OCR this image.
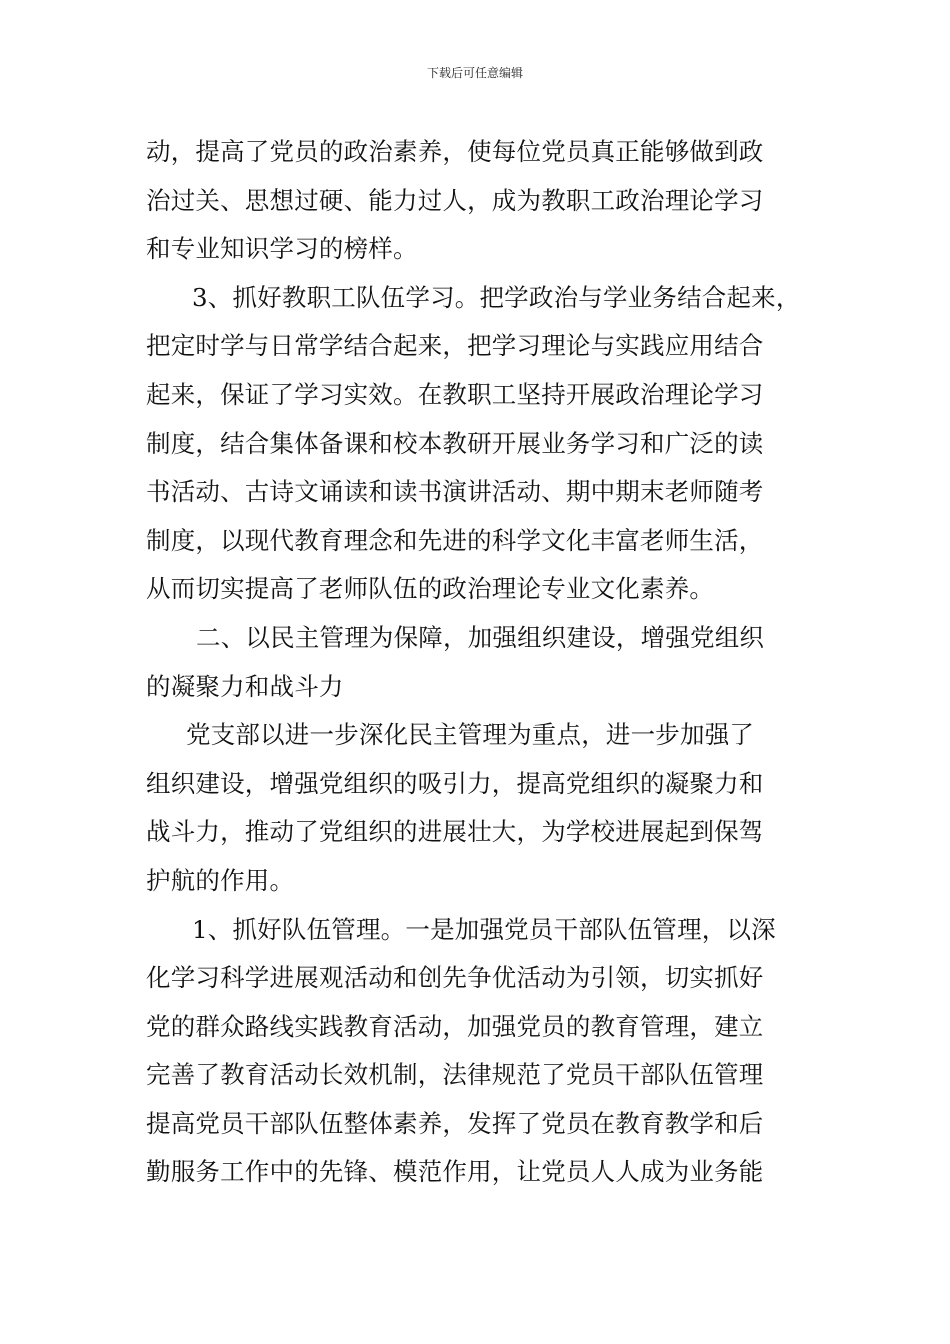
下载后可任意编辑
动，提高了党员的政治素养，使每位党员真正能够做到政
治过关、思想过硬、能力过人，成为教职工政治理论学习
和专业知识学习的榜样。
3、抓好教职工队伍学习。把学政治与学业务结合起来，
把定时学与日常学结合起来，把学习理论与实践应用结合
起来，保证了学习实效。在教职工坚持开展政治理论学习
制度，结合集体备课和校本教研开展业务学习和广泛的读
书活动、古诗文诵读和读书演讲活动、期中期末老师随考
制度，以现代教育理念和先进的科学文化丰富老师生活，
从而切实提高了老师队伍的政治理论专业文化素养。
二、以民主管理为保障，加强组织建设，增强党组织
的凝聚力和战斗力
党支部以进一步深化民主管理为重点，进一步加强了
组织建设，增强党组织的吸引力，提高党组织的凝聚力和
战斗力，推动了党组织的进展壮大，为学校进展起到保驾
护航的作用。
1、抓好队伍管理。一是加强党员干部队伍管理，以深
化学习科学进展观活动和创先争优活动为引领，切实抓好
党的群众路线实践教育活动，加强党员的教育管理，建立
完善了教育活动长效机制，法律规范了党员干部队伍管理
提高党员干部队伍整体素养，发挥了党员在教育教学和后
勤服务工作中的先锋、模范作用，让党员人人成为业务能
